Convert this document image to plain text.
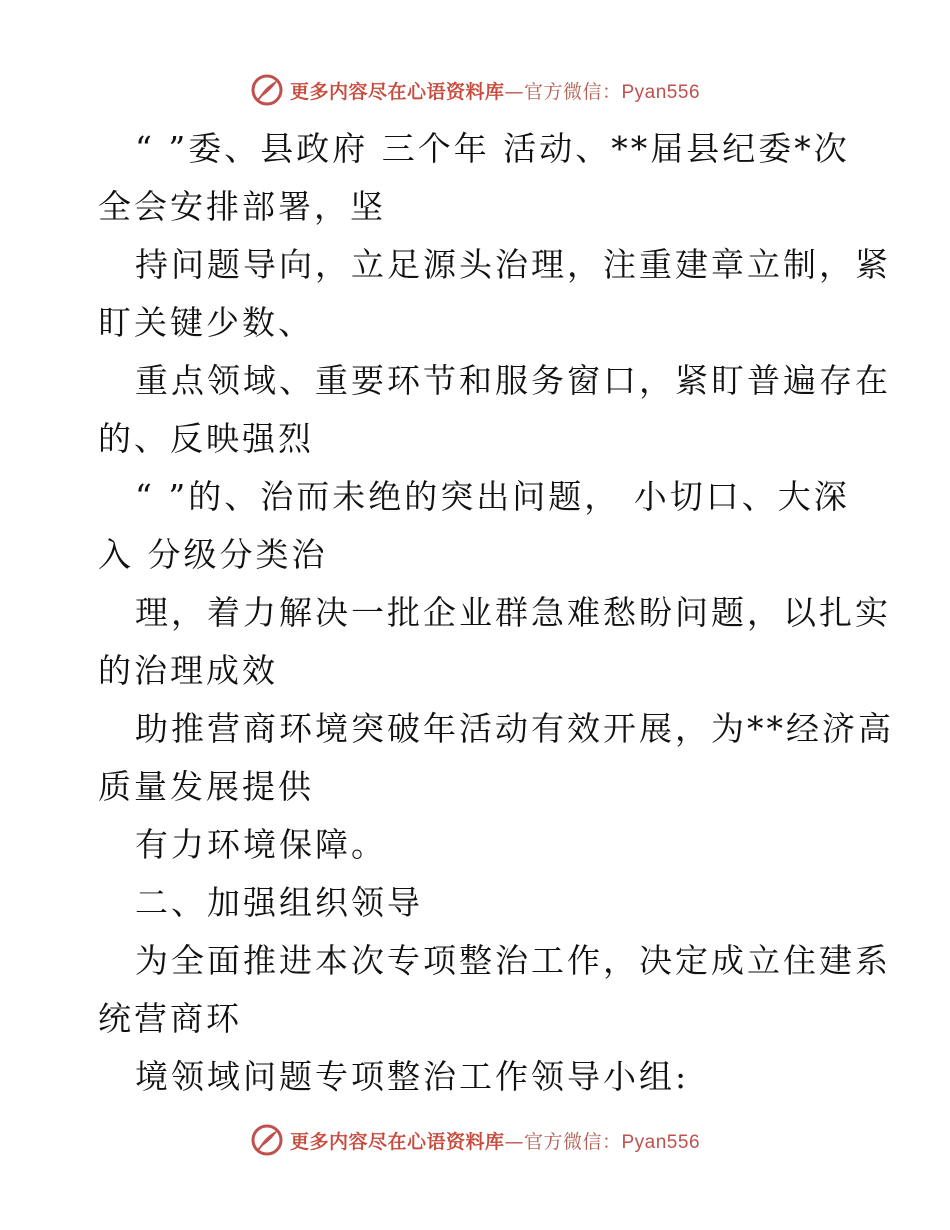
更多内容尽在心语资料库—官方微信：Pyan556
“ ”委、县政府 三个年 活动、**届县纪委*次
全会安排部署，坚
持问题导向，立足源头治理，注重建章立制，紧
盯关键少数、
重点领域、重要环节和服务窗口，紧盯普遍存在
的、反映强烈
“ ”的、治而未绝的突出问题， 小切口、大深
入 分级分类治
理，着力解决一批企业群急难愁盼问题，以扎实
的治理成效
助推营商环境突破年活动有效开展，为**经济高
质量发展提供
有力环境保障。
二、加强组织领导
为全面推进本次专项整治工作，决定成立住建系
统营商环
境领域问题专项整治工作领导小组:
更多内容尽在心语资料库—官方微信：Pyan556
